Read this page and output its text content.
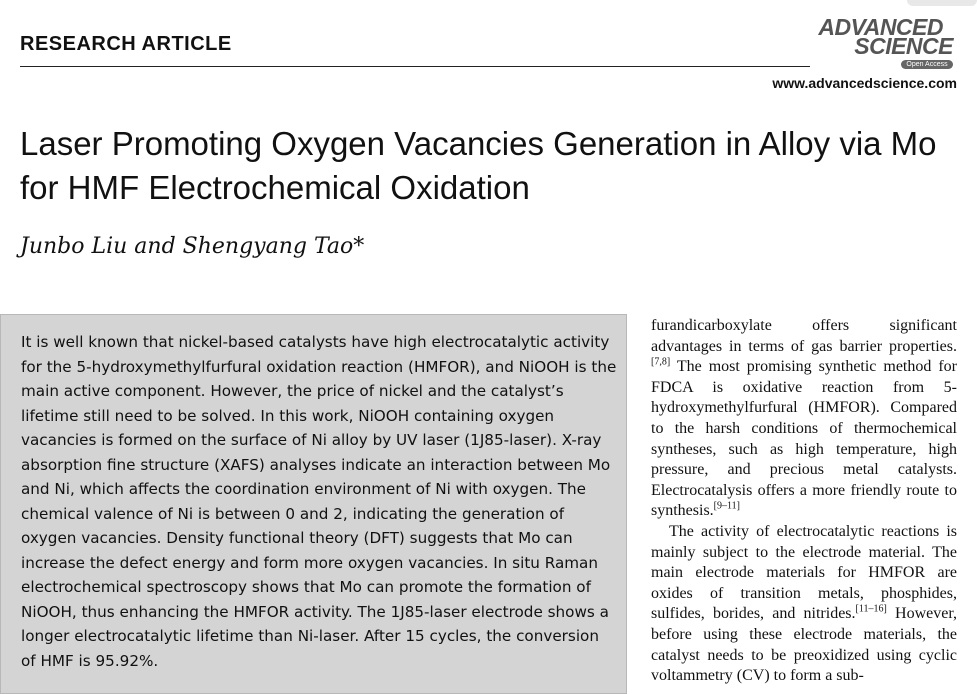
RESEARCH ARTICLE
ADVANCED
SCIENCE
Open Access
www.advancedscience.com
Laser Promoting Oxygen Vacancies Generation in Alloy via Mo for HMF Electrochemical Oxidation
Junbo Liu and Shengyang Tao*
It is well known that nickel-based catalysts have high electrocatalytic activity for the 5-hydroxymethylfurfural oxidation reaction (HMFOR), and NiOOH is the main active component. However, the price of nickel and the catalyst’s lifetime still need to be solved. In this work, NiOOH containing oxygen vacancies is formed on the surface of Ni alloy by UV laser (1J85-laser). X-ray absorption fine structure (XAFS) analyses indicate an interaction between Mo and Ni, which affects the coordination environment of Ni with oxygen. The chemical valence of Ni is between 0 and 2, indicating the generation of oxygen vacancies. Density functional theory (DFT) suggests that Mo can increase the defect energy and form more oxygen vacancies. In situ Raman electrochemical spectroscopy shows that Mo can promote the formation of NiOOH, thus enhancing the HMFOR activity. The 1J85-laser electrode shows a longer electrocatalytic lifetime than Ni-laser. After 15 cycles, the conversion of HMF is 95.92%.

furandicarboxylate offers significant advantages in terms of gas barrier properties.[7,8] The most promising synthetic method for FDCA is oxidative reaction from 5-hydroxymethylfurfural (HMFOR). Compared to the harsh conditions of thermochemical syntheses, such as high temperature, high pressure, and precious metal catalysts. Electrocatalysis offers a more friendly route to synthesis.[9–11]

The activity of electrocatalytic reactions is mainly subject to the electrode material. The main electrode materials for HMFOR are oxides of transition metals, phosphides, sulfides, borides, and nitrides.[11–16] However, before using these electrode materials, the catalyst needs to be preoxidized using cyclic voltammetry (CV) to form a sub-
